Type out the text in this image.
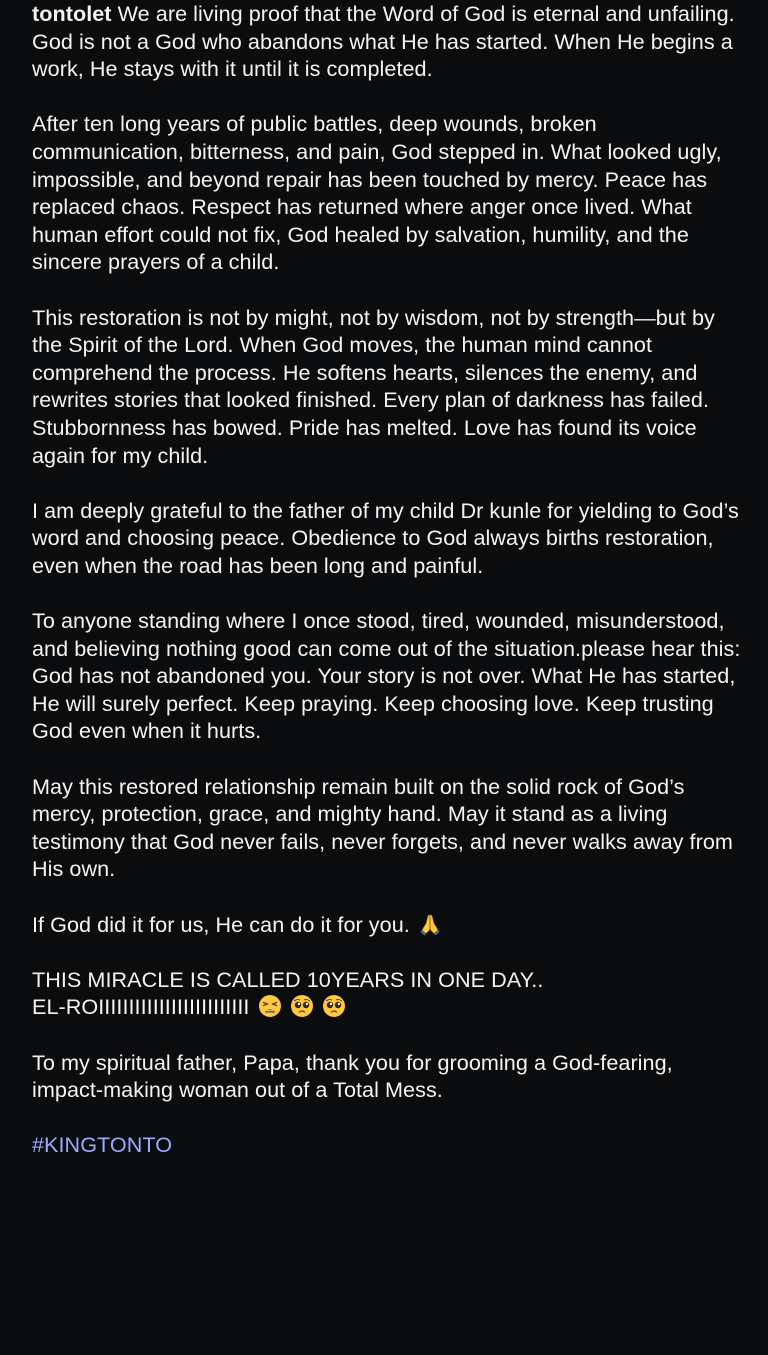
tontolet We are living proof that the Word of God is eternal and unfailing.

God is not a God who abandons what He has started. When He begins a work, He stays with it until it is completed.

After ten long years of public battles, deep wounds, broken communication, bitterness, and pain, God stepped in. What looked ugly, impossible, and beyond repair has been touched by mercy. Peace has replaced chaos. Respect has returned where anger once lived. What human effort could not fix, God healed by salvation, humility, and the sincere prayers of a child.

This restoration is not by might, not by wisdom, not by strength—but by the Spirit of the Lord. When God moves, the human mind cannot comprehend the process. He softens hearts, silences the enemy, and rewrites stories that looked finished. Every plan of darkness has failed. Stubbornness has bowed. Pride has melted. Love has found its voice again for my child.

I am deeply grateful to the father of my child Dr kunle for yielding to God’s word and choosing peace. Obedience to God always births restoration, even when the road has been long and painful.

To anyone standing where I once stood, tired, wounded, misunderstood, and believing nothing good can come out of the situation.please hear this: God has not abandoned you. Your story is not over. What He has started, He will surely perfect. Keep praying. Keep choosing love. Keep trusting God even when it hurts.

May this restored relationship remain built on the solid rock of God’s mercy, protection, grace, and mighty hand. May it stand as a living testimony that God never fails, never forgets, and never walks away from His own.

If God did it for us, He can do it for you.

THIS MIRACLE IS CALLED 10YEARS IN ONE DAY..
EL-ROIIIIIIIIIIIIIIIIIIIIIIIII

To my spiritual father, Papa, thank you for grooming a God-fearing, impact-making woman out of a Total Mess.

#KINGTONTO
